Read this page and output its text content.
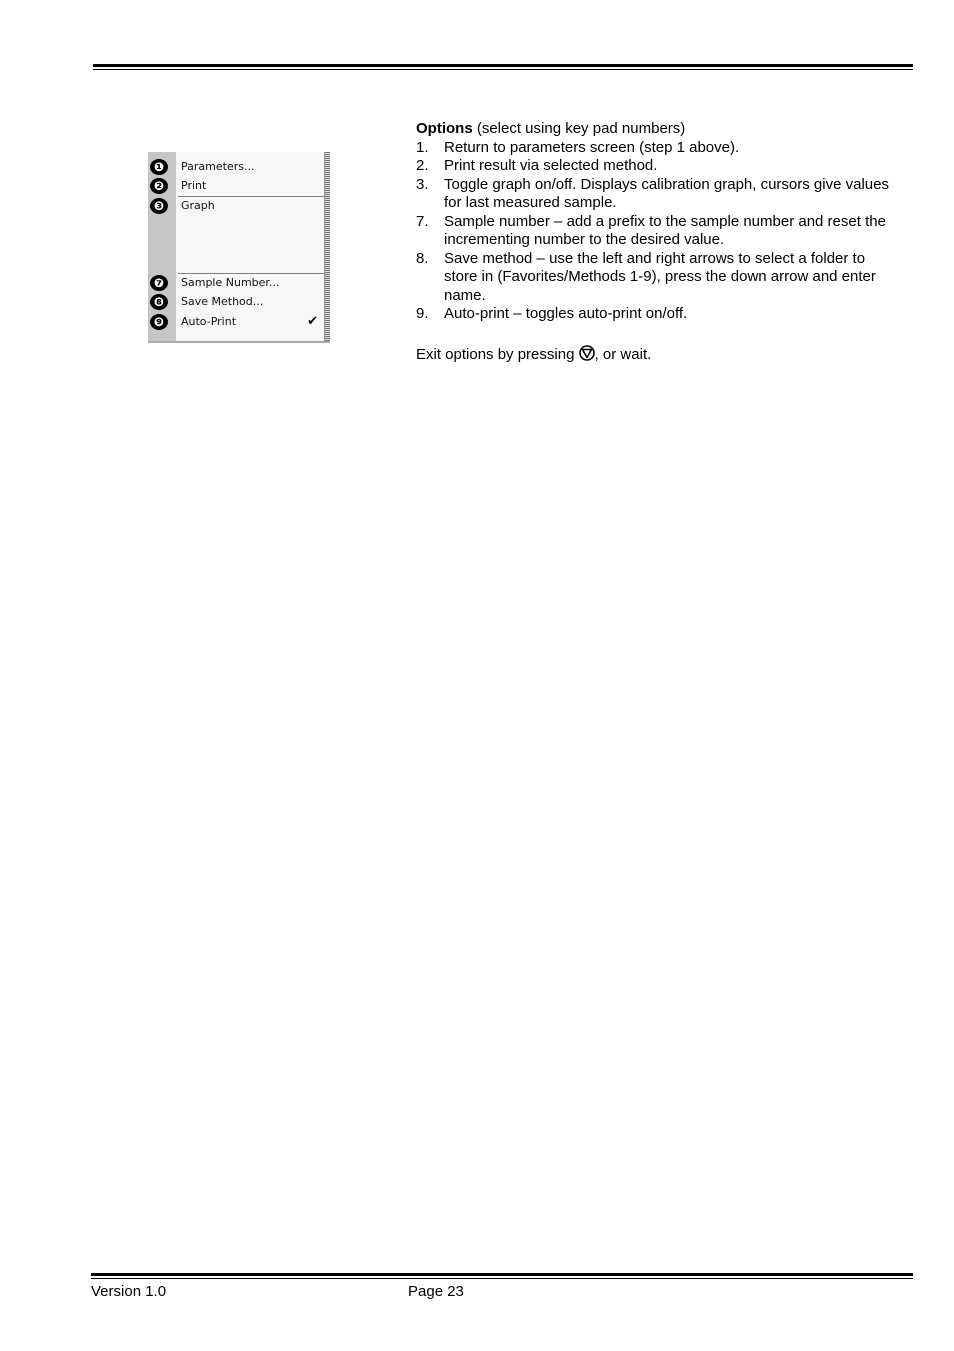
❶	Parameters...
❷	Print
❸	Graph
❼	Sample Number...
❽	Save Method...
❾	Auto-Print	✔

Options (select using key pad numbers)

1. Return to parameters screen (step 1 above).
2. Print result via selected method.
3. Toggle graph on/off. Displays calibration graph, cursors give values for last measured sample.
7. Sample number – add a prefix to the sample number and reset the incrementing number to the desired value.
8. Save method – use the left and right arrows to select a folder to store in (Favorites/Methods 1-9), press the down arrow and enter name.
9. Auto-print – toggles auto-print on/off.

Exit options by pressing , or wait.

Version 1.0	Page 23
